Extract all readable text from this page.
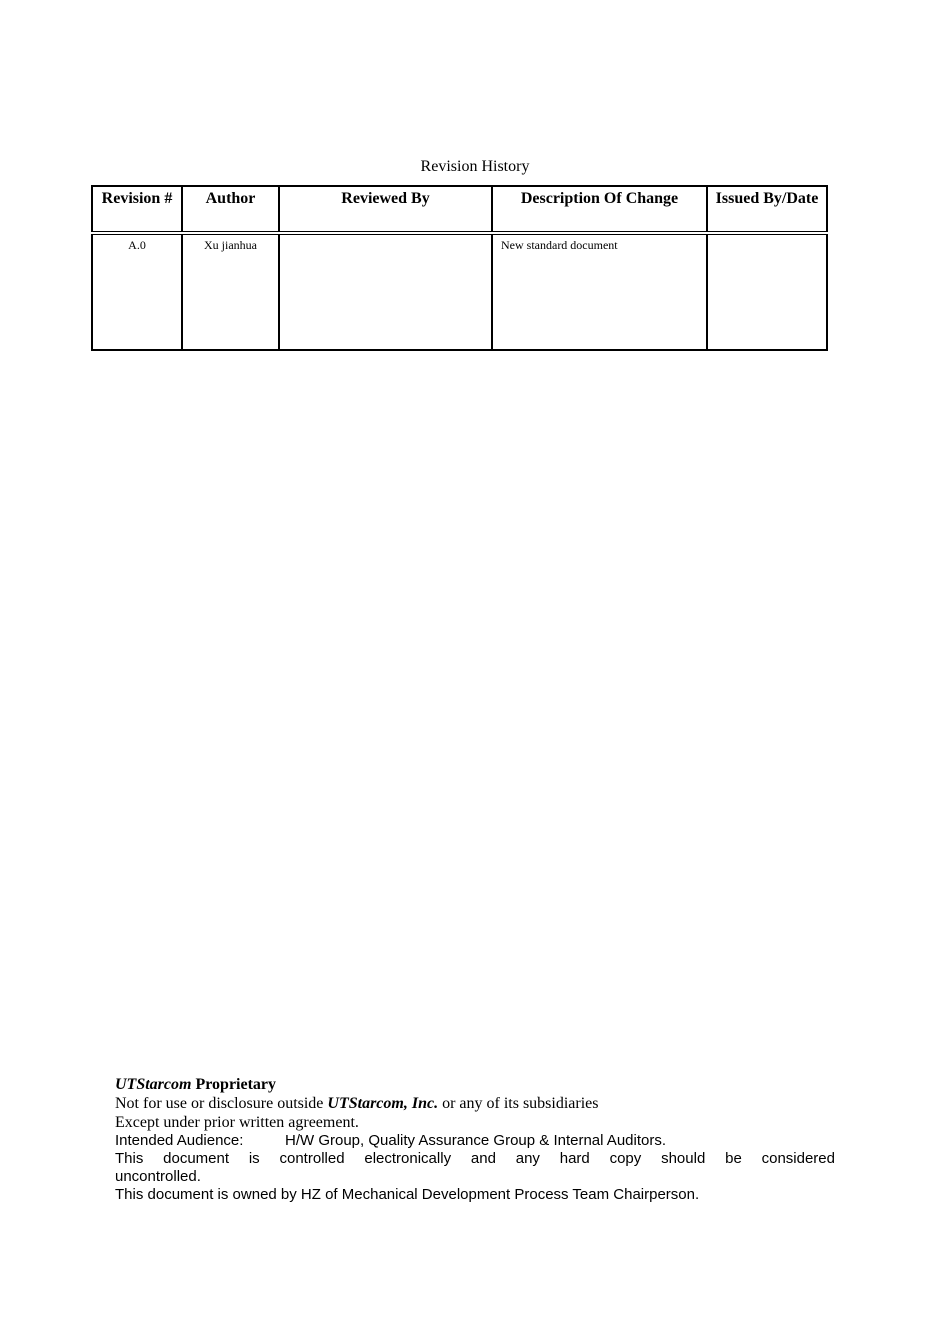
Revision History
Revision #	Author	Reviewed By	Description Of Change	Issued By/Date
A.0	Xu jianhua		New standard document	
UTStarcom Proprietary
Not for use or disclosure outside UTStarcom, Inc. or any of its subsidiaries
Except under prior written agreement.
Intended Audience:	H/W Group, Quality Assurance Group & Internal Auditors.
This document is controlled electronically and any hard copy should be considered
uncontrolled.
This document is owned by HZ of Mechanical Development Process Team Chairperson.
